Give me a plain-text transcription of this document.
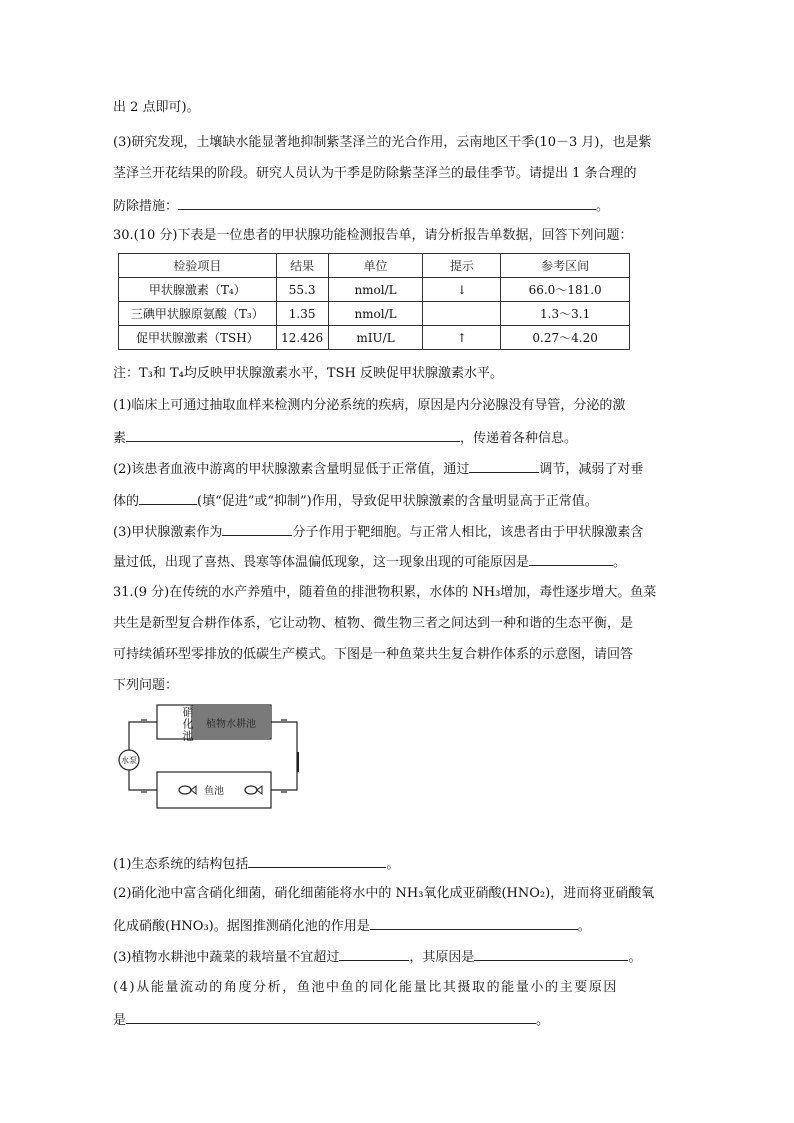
出 2 点即可)。
(3)研究发现，土壤缺水能显著地抑制紫茎泽兰的光合作用，云南地区干季(10－3 月)，也是紫
茎泽兰开花结果的阶段。研究人员认为干季是防除紫茎泽兰的最佳季节。请提出 1 条合理的
防除措施：	。
30.(10 分)下表是一位患者的甲状腺功能检测报告单，请分析报告单数据，回答下列问题：
检验项目	结果	单位	提示	参考区间
甲状腺激素（T₄）	55.3	nmol/L	↓	66.0～181.0
三碘甲状腺原氨酸（T₃）	1.35	nmol/L		1.3～3.1
促甲状腺激素（TSH）	12.426	mIU/L	↑	0.27～4.20
注：T₃和 T₄均反映甲状腺激素水平，TSH 反映促甲状腺激素水平。
(1)临床上可通过抽取血样来检测内分泌系统的疾病，原因是内分泌腺没有导管，分泌的激
素	，传递着各种信息。
(2)该患者血液中游离的甲状腺激素含量明显低于正常值，通过	调节，减弱了对垂
体的	(填“促进”或“抑制”)作用，导致促甲状腺激素的含量明显高于正常值。
(3)甲状腺激素作为	分子作用于靶细胞。与正常人相比，该患者由于甲状腺激素含
量过低，出现了喜热、畏寒等体温偏低现象，这一现象出现的可能原因是	。
31.(9 分)在传统的水产养殖中，随着鱼的排泄物积累，水体的 NH₃增加，毒性逐步增大。鱼菜
共生是新型复合耕作体系，它让动物、植物、微生物三者之间达到一种和谐的生态平衡，是
可持续循环型零排放的低碳生产模式。下图是一种鱼菜共生复合耕作体系的示意图，请回答
下列问题：
植物水耕池
鱼池
水泵
硝化池
(1)生态系统的结构包括	。
(2)硝化池中富含硝化细菌，硝化细菌能将水中的 NH₃氧化成亚硝酸(HNO₂)，进而将亚硝酸氧
化成硝酸(HNO₃)。据图推测硝化池的作用是	。
(3)植物水耕池中蔬菜的栽培量不宜超过	，其原因是	。
(4)从能量流动的角度分析，鱼池中鱼的同化能量比其摄取的能量小的主要原因
是	。
